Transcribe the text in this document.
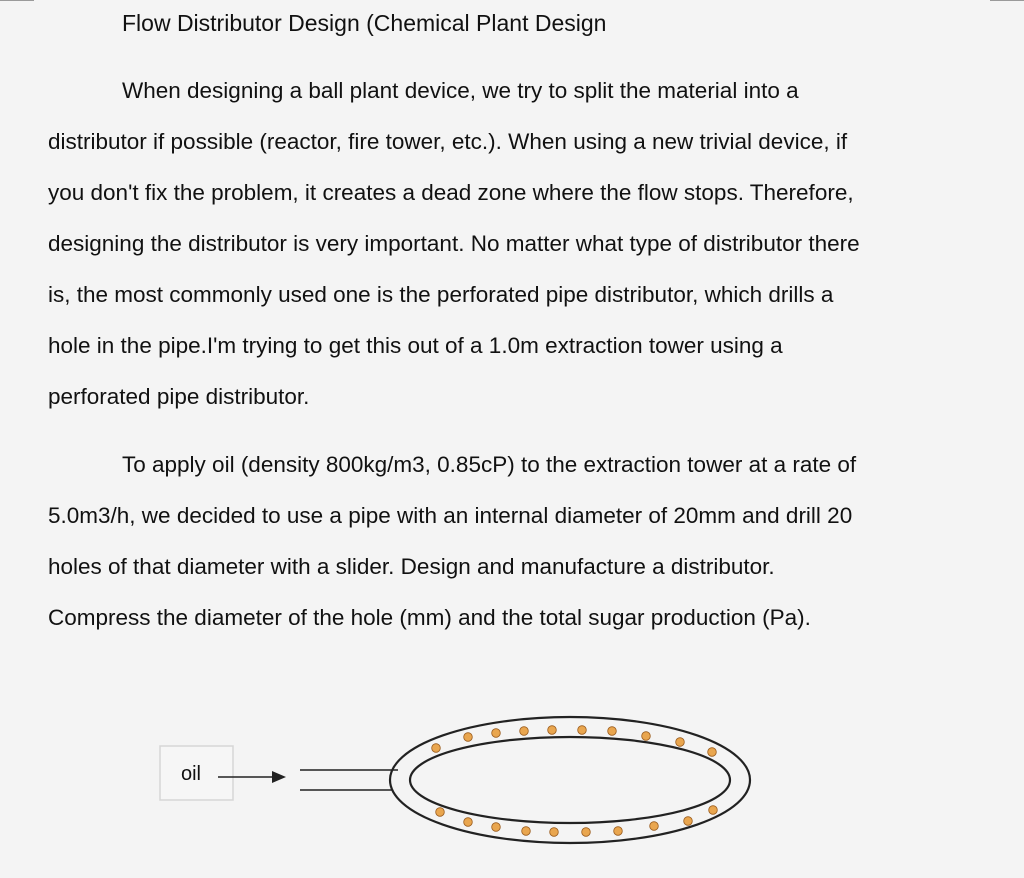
Flow Distributor Design (Chemical Plant Design
When designing a ball plant device, we try to split the material into a
distributor if possible (reactor, fire tower, etc.). When using a new trivial device, if
you don't fix the problem, it creates a dead zone where the flow stops. Therefore,
designing the distributor is very important. No matter what type of distributor there
is, the most commonly used one is the perforated pipe distributor, which drills a
hole in the pipe.I'm trying to get this out of a 1.0m extraction tower using a
perforated pipe distributor.
To apply oil (density 800kg/m3, 0.85cP) to the extraction tower at a rate of
5.0m3/h, we decided to use a pipe with an internal diameter of 20mm and drill 20
holes of that diameter with a slider. Design and manufacture a distributor.
Compress the diameter of the hole (mm) and the total sugar production (Pa).
oil
